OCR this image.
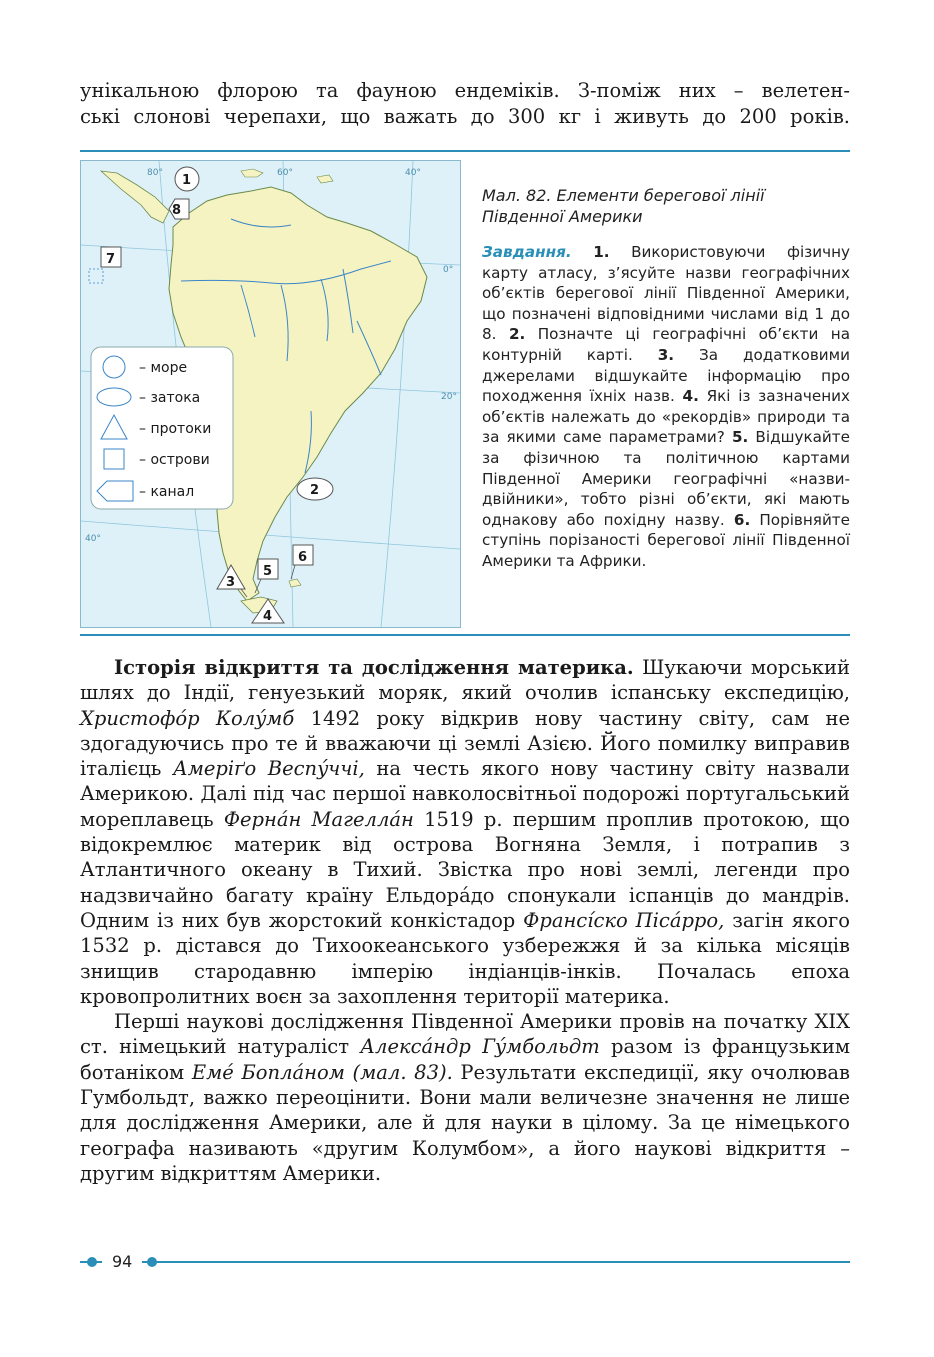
унікальною флорою та фауною ендеміків. З-поміж них – велетен-

ські слонові черепахи, що важать до 300 кг і живуть до 200 років.

0°
20°
40°
80°	60°	40°
1
2
3
4
5
6
7
8
– море
– затока
– протоки
– острови
– канал
Мал. 82. Елементи берегової лінії
Південної Америки
Завдання. 1. Використовуючи фізичну карту атласу, з’ясуйте назви географічних об’єктів берегової лінії Південної Америки, що позначені відповідними числами від 1 до 8. 2. Позначте ці географічні об’єкти на контурній карті. 3. За додатковими джерелами відшукайте інформацію про походження їхніх назв. 4. Які із зазначених об’єктів належать до «рекордів» природи та за якими саме параметрами? 5. Відшукайте за фізичною та політичною картами Південної Америки географічні «назви-двійники», тобто різні об’єкти, які мають однакову або похідну назву. 6. Порівняйте ступінь порізаності берегової лінії Південної Америки та Африки.

Історія відкриття та дослідження материка. Шукаючи морський шлях до Індії, генуезький моряк, який очолив іспанську експедицію, Христофóр Колýмб 1492 року відкрив нову частину світу, сам не здогадуючись про те й вважаючи ці землі Азією. Його помилку виправив італієць Амеріґо Веспýччі, на честь якого нову частину світу назвали Америкою. Далі під час першої навколосвітньої подорожі португальський мореплавець Фернáн Магеллáн 1519 р. першим проплив протокою, що відокремлює материк від острова Вогняна Земля, і потрапив з Атлантичного океану в Тихий. Звістка про нові землі, легенди про надзвичайно багату країну Ельдорáдо спонукали іспанців до мандрів. Одним із них був жорстокий конкістадор Франсíско Пісáрро, загін якого 1532 р. дістався до Тихоокеанського узбережжя й за кілька місяців знищив стародавню імперію індіанців-інків. Почалась епоха кровопролитних воєн за захоплення території материка.

Перші наукові дослідження Південної Америки провів на початку XIX ст. німецький натураліст Алексáндр Гýмбольдт разом із французьким ботаніком Емé Боплáном (мал. 83). Результати експедиції, яку очолював Гумбольдт, важко переоцінити. Вони мали величезне значення не лише для дослідження Америки, але й для науки в цілому. За це німецького географа називають «другим Колумбом», а його наукові відкриття – другим відкриттям Америки.

94
